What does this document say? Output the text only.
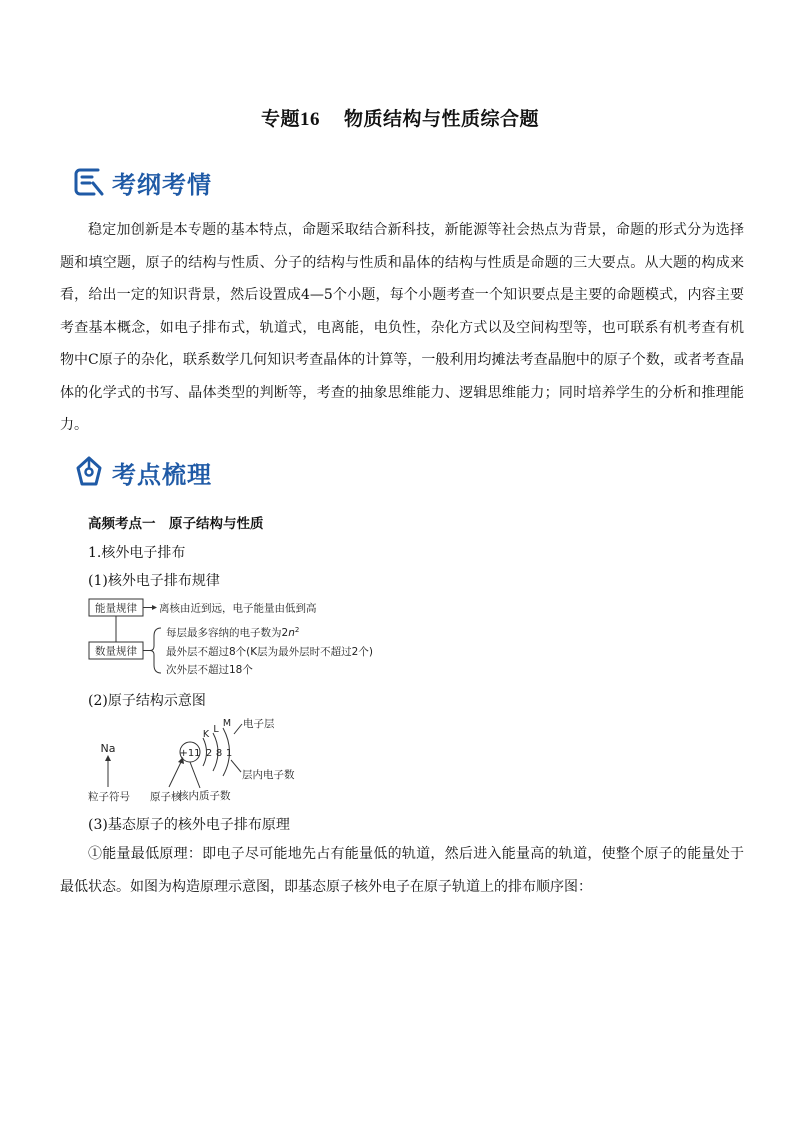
专题16 物质结构与性质综合题
考纲考情

稳定加创新是本专题的基本特点，命题采取结合新科技，新能源等社会热点为背景，命题的形式分为选择题和填空题，原子的结构与性质、分子的结构与性质和晶体的结构与性质是命题的三大要点。从大题的构成来看，给出一定的知识背景，然后设置成4—5个小题，每个小题考查一个知识要点是主要的命题模式，内容主要考查基本概念，如电子排布式，轨道式，电离能，电负性，杂化方式以及空间构型等，也可联系有机考查有机物中C原子的杂化，联系数学几何知识考查晶体的计算等，一般利用均摊法考查晶胞中的原子个数，或者考查晶体的化学式的书写、晶体类型的判断等，考查的抽象思维能力、逻辑思维能力；同时培养学生的分析和推理能力。

考点梳理
高频考点一　原子结构与性质
1.核外电子排布
(1)核外电子排布规律
能量规律 离核由近到远，电子能量由低到高
数量规律
每层最多容纳的电子数为$2n^2$
最外层不超过8个(K层为最外层时不超过2个)
次外层不超过18个
(2)原子结构示意图
Na	+11
K L
M
2 8 1
电子层
层内电子数
粒子符号 原子核
核内质子数
(3)基态原子的核外电子排布原理

①能量最低原理：即电子尽可能地先占有能量低的轨道，然后进入能量高的轨道，使整个原子的能量处于最低状态。如图为构造原理示意图，即基态原子核外电子在原子轨道上的排布顺序图：
